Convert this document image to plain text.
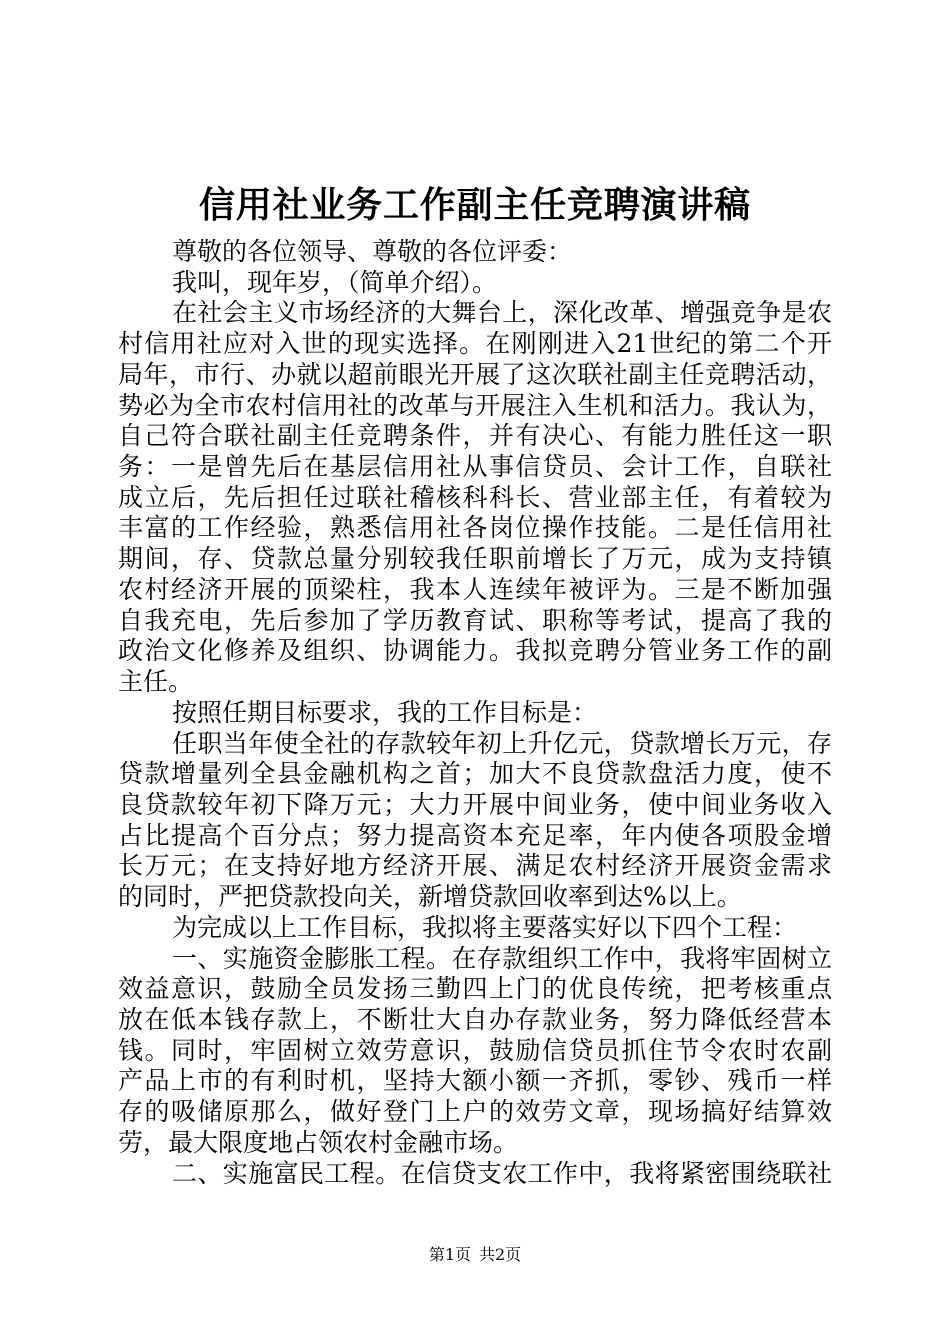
信用社业务工作副主任竞聘演讲稿
尊敬的各位领导、尊敬的各位评委：
我叫，现年岁，（简单介绍）。
在社会主义市场经济的大舞台上，深化改革、增强竞争是农
村信用社应对入世的现实选择。在刚刚进入21世纪的第二个开
局年，市行、办就以超前眼光开展了这次联社副主任竞聘活动，
势必为全市农村信用社的改革与开展注入生机和活力。我认为，
自己符合联社副主任竞聘条件，并有决心、有能力胜任这一职
务：一是曾先后在基层信用社从事信贷员、会计工作，自联社
成立后，先后担任过联社稽核科科长、营业部主任，有着较为
丰富的工作经验，熟悉信用社各岗位操作技能。二是任信用社
期间，存、贷款总量分别较我任职前增长了万元，成为支持镇
农村经济开展的顶梁柱，我本人连续年被评为。三是不断加强
自我充电，先后参加了学历教育试、职称等考试，提高了我的
政治文化修养及组织、协调能力。我拟竞聘分管业务工作的副
主任。
按照任期目标要求，我的工作目标是：
任职当年使全社的存款较年初上升亿元，贷款增长万元，存
贷款增量列全县金融机构之首；加大不良贷款盘活力度，使不
良贷款较年初下降万元；大力开展中间业务，使中间业务收入
占比提高个百分点；努力提高资本充足率，年内使各项股金增
长万元；在支持好地方经济开展、满足农村经济开展资金需求
的同时，严把贷款投向关，新增贷款回收率到达%以上。
为完成以上工作目标，我拟将主要落实好以下四个工程：
一、实施资金膨胀工程。在存款组织工作中，我将牢固树立
效益意识，鼓励全员发扬三勤四上门的优良传统，把考核重点
放在低本钱存款上，不断壮大自办存款业务，努力降低经营本
钱。同时，牢固树立效劳意识，鼓励信贷员抓住节令农时农副
产品上市的有利时机，坚持大额小额一齐抓，零钞、残币一样
存的吸储原那么，做好登门上户的效劳文章，现场搞好结算效
劳，最大限度地占领农村金融市场。
二、实施富民工程。在信贷支农工作中，我将紧密围绕联社
第1页 共2页
